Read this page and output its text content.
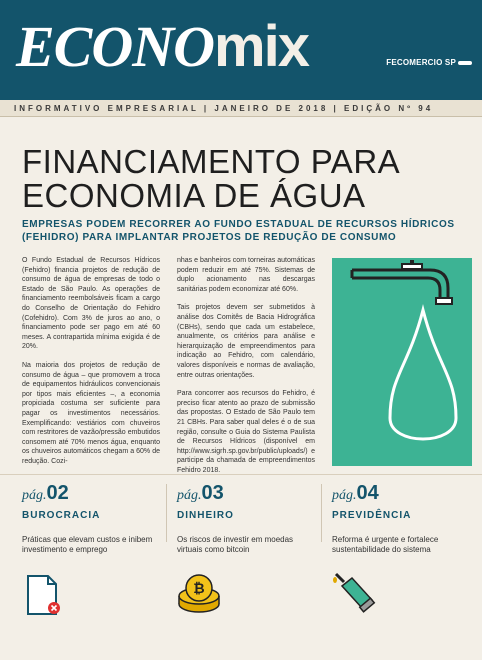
ECONOmix	FECOMERCIO SP
INFORMATIVO EMPRESARIAL | JANEIRO DE 2018 | EDIÇÃO Nº 94
FINANCIAMENTO PARA
ECONOMIA DE ÁGUA
EMPRESAS PODEM RECORRER AO FUNDO ESTADUAL DE RECURSOS HÍDRICOS (FEHIDRO) PARA IMPLANTAR PROJETOS DE REDUÇÃO DE CONSUMO

O Fundo Estadual de Recursos Hídricos (Fehidro) financia projetos de redução de consumo de água de empresas de todo o Estado de São Paulo. As operações de financiamento reembolsáveis ficam a cargo do Conselho de Orientação do Fehidro (Cofehidro). Com 3% de juros ao ano, o financiamento pode ser pago em até 60 meses. A contrapartida mínima exigida é de 20%.

Na maioria dos projetos de redução de consumo de água – que promovem a troca de equipamentos hidráulicos convencionais por tipos mais eficientes –, a economia propiciada costuma ser suficiente para pagar os investimentos necessários. Exemplificando: vestiários com chuveiros com restritores de vazão/pressão embutidos consomem até 70% menos água, enquanto os chuveiros automáticos chegam a 60% de redução. Cozi-

nhas e banheiros com torneiras automáticas podem reduzir em até 75%. Sistemas de duplo acionamento nas descargas sanitárias podem economizar até 60%.

Tais projetos devem ser submetidos à análise dos Comitês de Bacia Hidrográfica (CBHs), sendo que cada um estabelece, anualmente, os critérios para análise e hierarquização de empreendimentos para indicação ao Fehidro, com calendário, valores disponíveis e normas de avaliação, entre outras orientações.

Para concorrer aos recursos do Fehidro, é preciso ficar atento ao prazo de submissão das propostas. O Estado de São Paulo tem 21 CBHs. Para saber qual deles é o de sua região, consulte o Guia do Sistema Paulista de Recursos Hídricos (disponível em http://www.sigrh.sp.gov.br/public/uploads/) e participe da chamada de empreendimentos Fehidro 2018.

pág.02
BUROCRACIA
Práticas que elevam custos e inibem investimento e emprego
pág.03
DINHEIRO
Os riscos de investir em moedas virtuais como bitcoin
pág.04
PREVIDÊNCIA
Reforma é urgente e fortalece sustentabilidade do sistema
₿
